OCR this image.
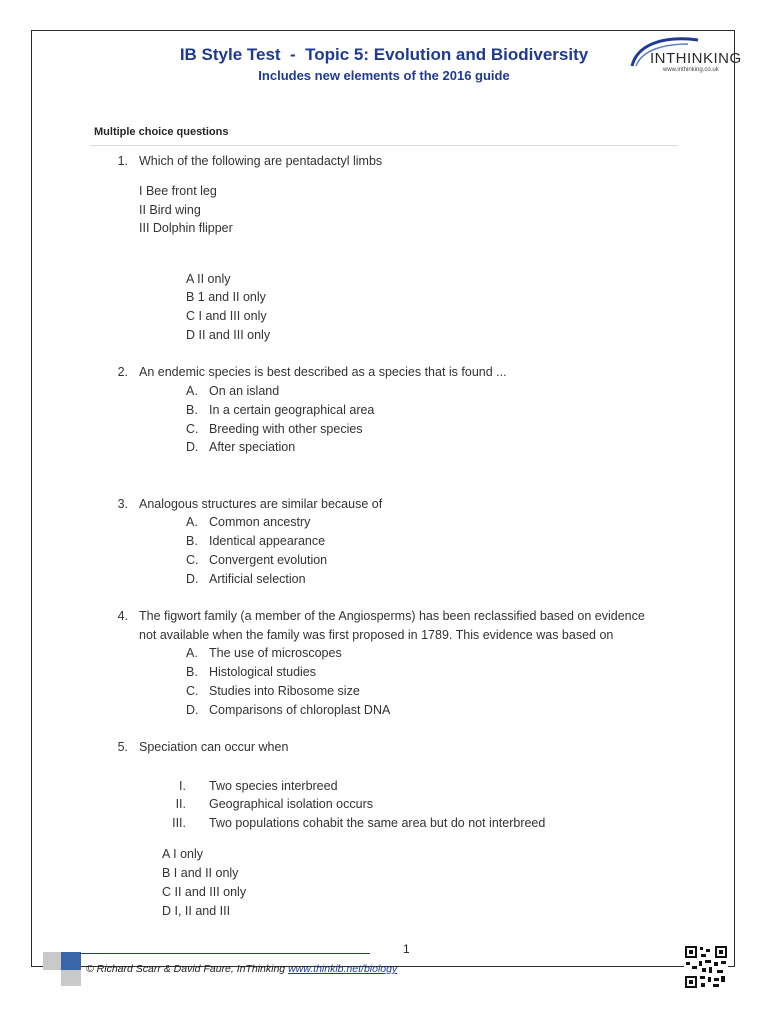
IB Style Test  -  Topic 5: Evolution and Biodiversity
Includes new elements of the 2016 guide
INTHINKING
www.inthinking.co.uk
Multiple choice questions
1. Which of the following are pentadactyl limbs
I Bee front leg
II Bird wing
III Dolphin flipper
A II only
B 1 and II only
C I and III only
D II and III only
2. An endemic species is best described as a species that is found ...
A. On an island
B. In a certain geographical area
C. Breeding with other species
D. After speciation
3. Analogous structures are similar because of
A. Common ancestry
B. Identical appearance
C. Convergent evolution
D. Artificial selection
4. The figwort family (a member of the Angiosperms) has been reclassified based on evidence
not available when the family was first proposed in 1789. This evidence was based on
A. The use of microscopes
B. Histological studies
C. Studies into Ribosome size
D. Comparisons of chloroplast DNA
5. Speciation can occur when
I. Two species interbreed
II. Geographical isolation occurs
III. Two populations cohabit the same area but do not interbreed
A I only
B I and II only
C II and III only
D I, II and III
1
© Richard Scarr & David Faure, InThinking www.thinkib.net/biology
